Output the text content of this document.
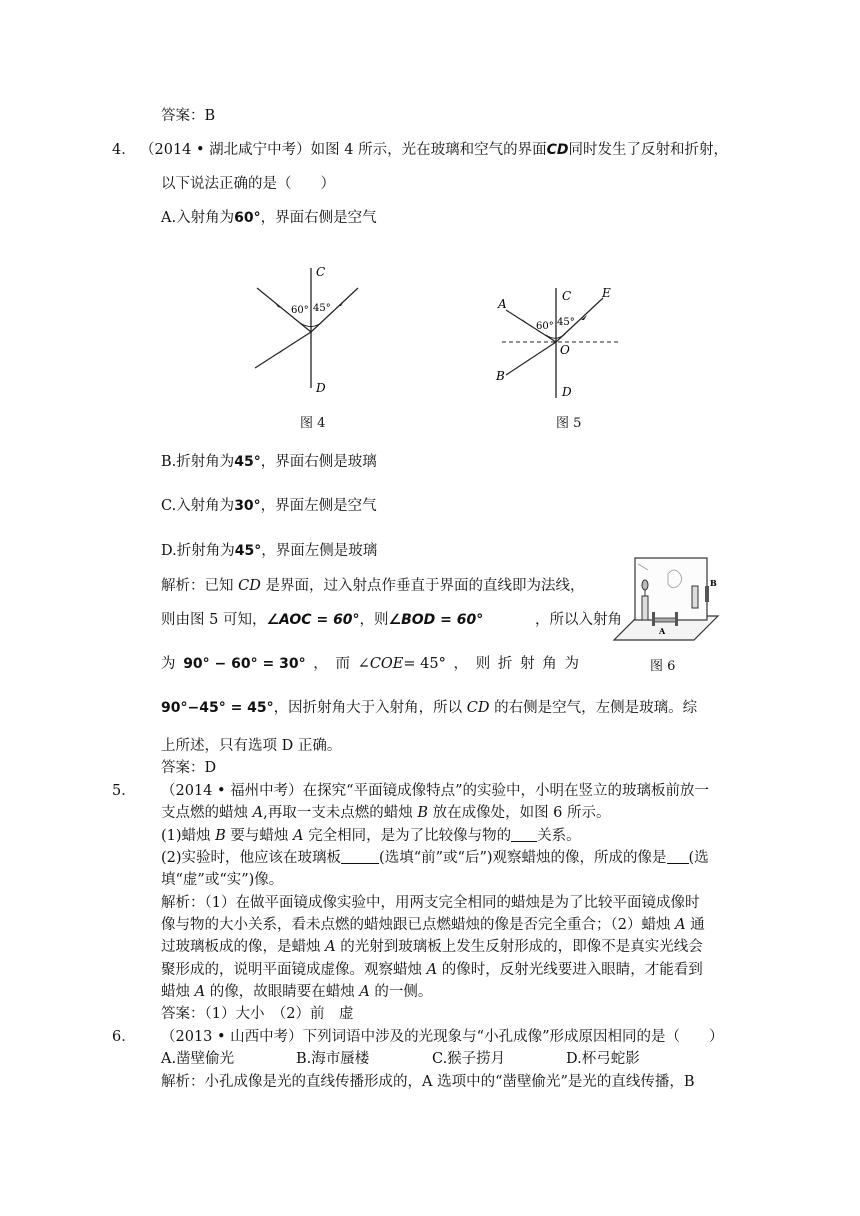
答案：B
4． （2014 • 湖北咸宁中考）如图 4 所示，光在玻璃和空气的界面CD同时发生了反射和折射，
以下说法正确的是（　　）
A.入射角为60°，界面右侧是空气
C
D
60° 45°
图 4
A
B
C
D
E
O
60° 45°
图 5
B.折射角为45°，界面右侧是玻璃
C.入射角为30°，界面左侧是空气
D.折射角为45°，界面左侧是玻璃
A
B
图 6
解析：已知 CD 是界面，过入射点作垂直于界面的直线即为法线，
则由图 5 可知，∠AOC = 60°，则∠BOD = 60°	，所以入射角
为 90° − 60° = 30° ， 而 ∠COE= 45° ， 则 折 射 角 为
90°−45° = 45°，因折射角大于入射角，所以 CD 的右侧是空气，左侧是玻璃。综
上所述，只有选项 D 正确。
答案：D
5． （2014 • 福州中考）在探究“平面镜成像特点”的实验中，小明在竖立的玻璃板前放一
支点燃的蜡烛 A,再取一支未点燃的蜡烛 B 放在成像处，如图 6 所示。
(1)蜡烛 B 要与蜡烛 A 完全相同，是为了比较像与物的 关系。
(2)实验时，他应该在玻璃板	(选填“前”或“后”)观察蜡烛的像，所成的像是 (选
填“虚”或“实”)像。
解析：（1）在做平面镜成像实验中，用两支完全相同的蜡烛是为了比较平面镜成像时
像与物的大小关系，看未点燃的蜡烛跟已点燃蜡烛的像是否完全重合；（2）蜡烛 A 通
过玻璃板成的像，是蜡烛 A 的光射到玻璃板上发生反射形成的，即像不是真实光线会
聚形成的，说明平面镜成虚像。观察蜡烛 A 的像时，反射光线要进入眼睛，才能看到
蜡烛 A 的像，故眼睛要在蜡烛 A 的一侧。
答案：（1）大小　（2）前　虚
6． （2013 • 山西中考）下列词语中涉及的光现象与“小孔成像”形成原因相同的是（　　）
A.凿壁偷光	B.海市蜃楼	C.猴子捞月	D.杯弓蛇影
解析：小孔成像是光的直线传播形成的，A 选项中的“凿壁偷光”是光的直线传播，B
